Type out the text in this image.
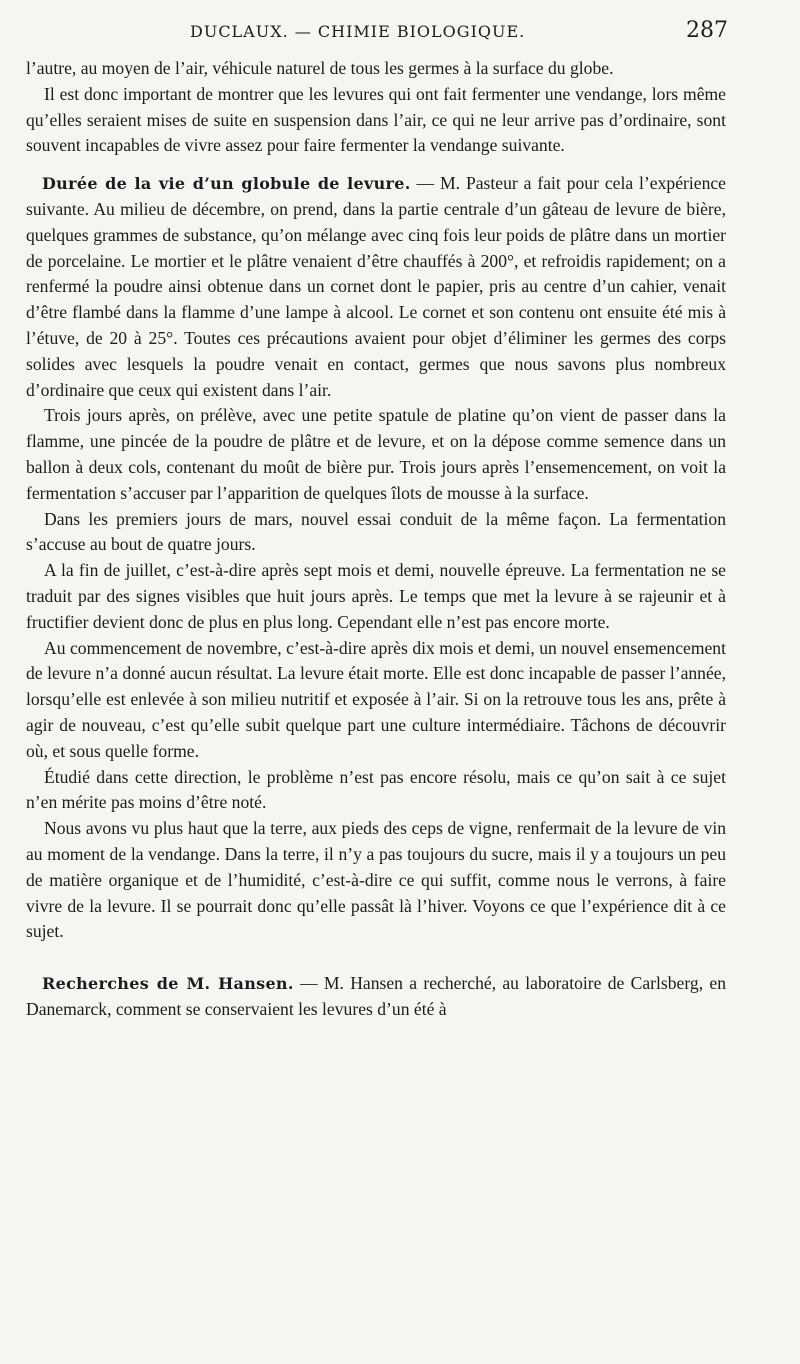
DUCLAUX. — CHIMIE BIOLOGIQUE.	287

l’autre, au moyen de l’air, véhicule naturel de tous les germes à la surface du globe.

Il est donc important de montrer que les levures qui ont fait fermenter une vendange, lors même qu’elles seraient mises de suite en suspension dans l’air, ce qui ne leur arrive pas d’ordinaire, sont souvent incapables de vivre assez pour faire fermenter la vendange suivante.

Durée de la vie d’un globule de levure. — M. Pasteur a fait pour cela l’expérience suivante. Au milieu de décembre, on prend, dans la partie centrale d’un gâteau de levure de bière, quelques grammes de substance, qu’on mélange avec cinq fois leur poids de plâtre dans un mortier de porcelaine. Le mortier et le plâtre venaient d’être chauffés à 200°, et refroidis rapidement; on a renfermé la poudre ainsi obtenue dans un cornet dont le papier, pris au centre d’un cahier, venait d’être flambé dans la flamme d’une lampe à alcool. Le cornet et son contenu ont ensuite été mis à l’étuve, de 20 à 25°. Toutes ces précautions avaient pour objet d’éliminer les germes des corps solides avec lesquels la poudre venait en contact, germes que nous savons plus nombreux d’ordinaire que ceux qui existent dans l’air.

Trois jours après, on prélève, avec une petite spatule de platine qu’on vient de passer dans la flamme, une pincée de la poudre de plâtre et de levure, et on la dépose comme semence dans un ballon à deux cols, contenant du moût de bière pur. Trois jours après l’ensemencement, on voit la fermentation s’accuser par l’apparition de quelques îlots de mousse à la surface.

Dans les premiers jours de mars, nouvel essai conduit de la même façon. La fermentation s’accuse au bout de quatre jours.

A la fin de juillet, c’est-à-dire après sept mois et demi, nouvelle épreuve. La fermentation ne se traduit par des signes visibles que huit jours après. Le temps que met la levure à se rajeunir et à fructifier devient donc de plus en plus long. Cependant elle n’est pas encore morte.

Au commencement de novembre, c’est-à-dire après dix mois et demi, un nouvel ensemencement de levure n’a donné aucun résultat. La levure était morte. Elle est donc incapable de passer l’année, lorsqu’elle est enlevée à son milieu nutritif et exposée à l’air. Si on la retrouve tous les ans, prête à agir de nouveau, c’est qu’elle subit quelque part une culture intermédiaire. Tâchons de découvrir où, et sous quelle forme.

Étudié dans cette direction, le problème n’est pas encore résolu, mais ce qu’on sait à ce sujet n’en mérite pas moins d’être noté.

Nous avons vu plus haut que la terre, aux pieds des ceps de vigne, renfermait de la levure de vin au moment de la vendange. Dans la terre, il n’y a pas toujours du sucre, mais il y a toujours un peu de matière organique et de l’humidité, c’est-à-dire ce qui suffit, comme nous le verrons, à faire vivre de la levure. Il se pourrait donc qu’elle passât là l’hiver. Voyons ce que l’expérience dit à ce sujet.

Recherches de M. Hansen. — M. Hansen a recherché, au laboratoire de Carlsberg, en Danemarck, comment se conservaient les levures d’un été à
